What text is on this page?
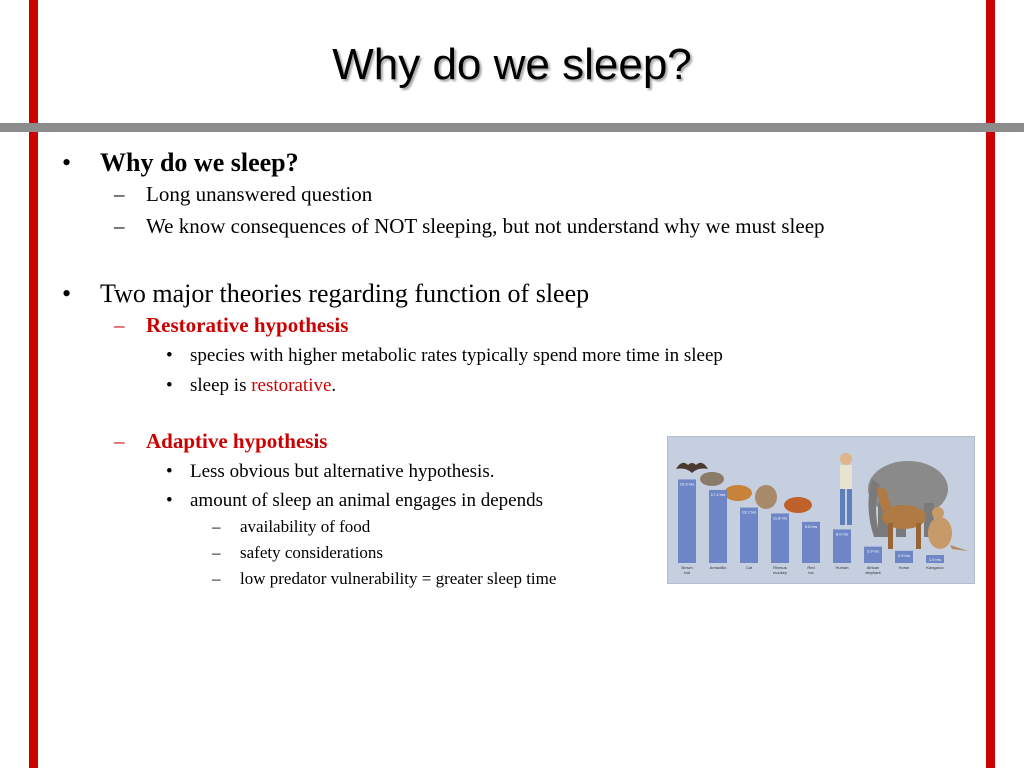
Why do we sleep?
• Why do we sleep?
– Long unanswered question
– We know consequences of NOT sleeping, but not understand why we must sleep
• Two major theories regarding function of sleep
– Restorative hypothesis
• species with higher metabolic rates typically spend more time in sleep
• sleep is restorative.
– Adaptive hypothesis
• Less obvious but alternative hypothesis.
• amount of sleep an animal engages in depends
– availability of food
– safety considerations
– low predator vulnerability = greater sleep time
19.9 hrs
17.4 hrs
13.2 hrs
11.8 hrs
9.8 hrs
8.0 hrs
3.9 hrs
2.9 hrs
1.9 hrs
Brown bat
Armadillo	Cat	Rhesus monkey
Red fox
Human	African elephant
Horse	Kangaroo
